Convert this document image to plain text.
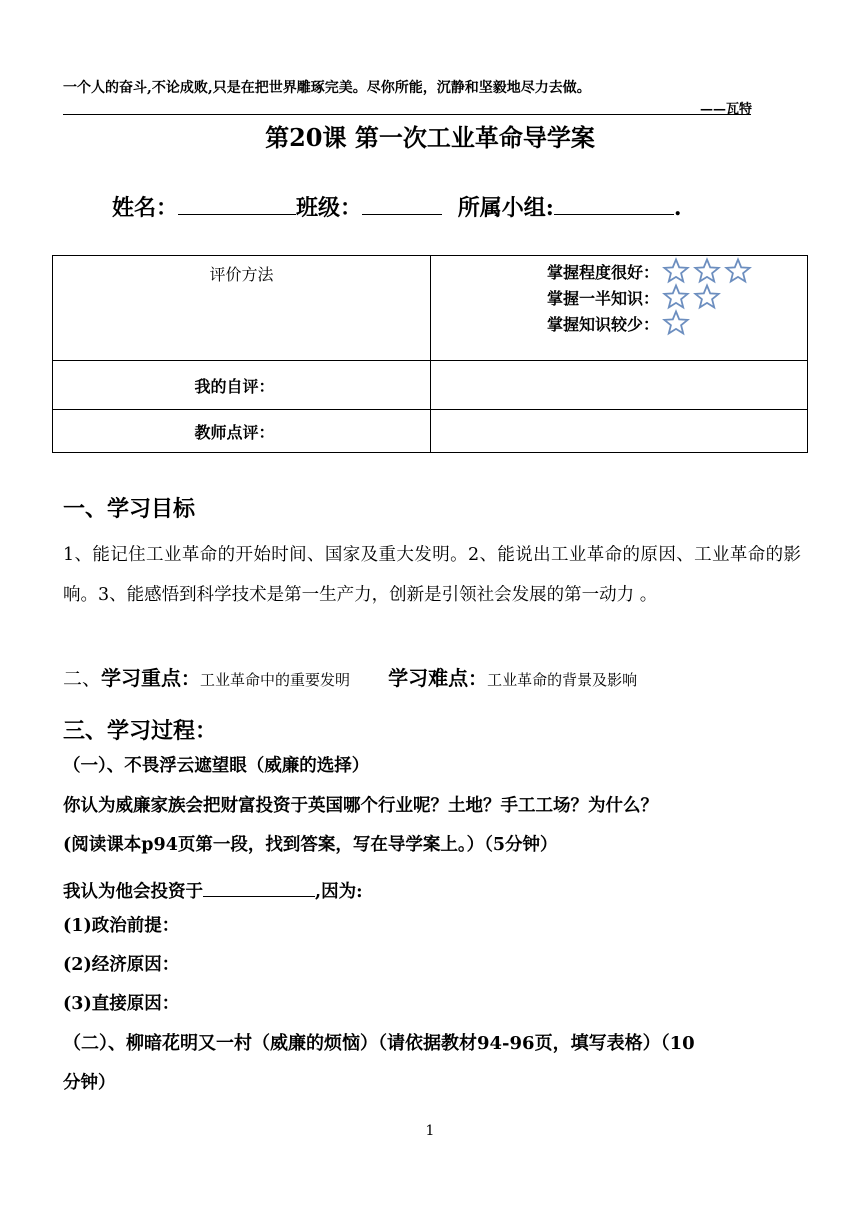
一个人的奋斗,不论成败,只是在把世界雕琢完美。尽你所能，沉静和坚毅地尽力去做。
——瓦特
第20课 第一次工业革命导学案
姓名：	班级：	所属小组:	.
评价方法	掌握程度很好：
掌握一半知识：
掌握知识较少：

我的自评：	
教师点评：	
一、学习目标
1、能记住工业革命的开始时间、国家及重大发明。2、能说出工业革命的原因、工业革命的影响。3、能感悟到科学技术是第一生产力，创新是引领社会发展的第一动力 。
二、学习重点：工业革命中的重要发明 学习难点：工业革命的背景及影响
三、学习过程：
（一）、不畏浮云遮望眼（威廉的选择）
你认为威廉家族会把财富投资于英国哪个行业呢？土地？手工工场？为什么？
(阅读课本p94页第一段，找到答案，写在导学案上。）（5分钟）
我认为他会投资于	,因为:
(1)政治前提：
(2)经济原因：
(3)直接原因：
（二）、柳暗花明又一村（威廉的烦恼）（请依据教材94-96页，填写表格）（10
分钟）
1
